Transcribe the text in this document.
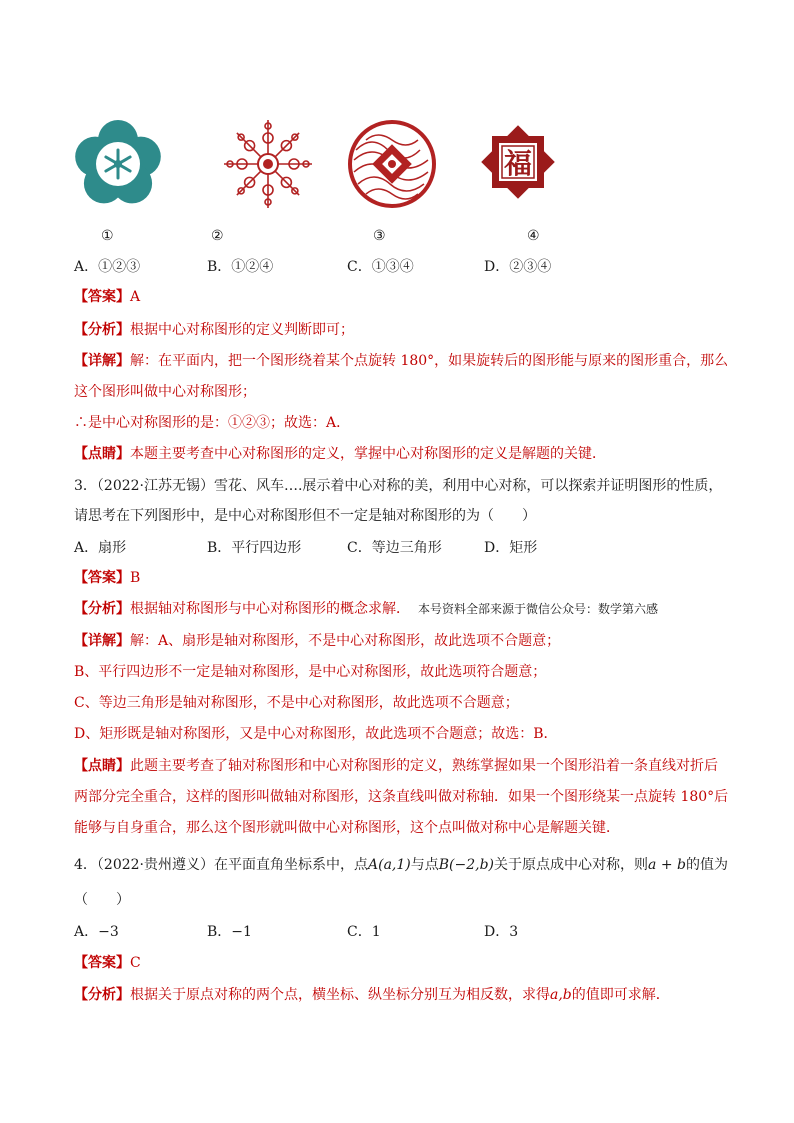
福
①	②	③	④
A．①②③	B．①②④	C．①③④	D．②③④
【答案】A
【分析】根据中心对称图形的定义判断即可；
【详解】解：在平面内，把一个图形绕着某个点旋转 180°，如果旋转后的图形能与原来的图形重合，那么
这个图形叫做中心对称图形；
∴是中心对称图形的是：①②③；故选：A．
【点睛】本题主要考查中心对称图形的定义，掌握中心对称图形的定义是解题的关键．
3．（2022·江苏无锡）雪花、风车….展示着中心对称的美，利用中心对称，可以探索并证明图形的性质，
请思考在下列图形中，是中心对称图形但不一定是轴对称图形的为（　　）
A．扇形	B．平行四边形	C．等边三角形	D．矩形
【答案】B
【分析】根据轴对称图形与中心对称图形的概念求解． 本号资料全部来源于微信公众号：数学第六感
【详解】解：A、扇形是轴对称图形，不是中心对称图形，故此选项不合题意；
B、平行四边形不一定是轴对称图形，是中心对称图形，故此选项符合题意；
C、等边三角形是轴对称图形，不是中心对称图形，故此选项不合题意；
D、矩形既是轴对称图形，又是中心对称图形，故此选项不合题意；故选：B．
【点睛】此题主要考查了轴对称图形和中心对称图形的定义，熟练掌握如果一个图形沿着一条直线对折后
两部分完全重合，这样的图形叫做轴对称图形，这条直线叫做对称轴．如果一个图形绕某一点旋转 180°后
能够与自身重合，那么这个图形就叫做中心对称图形，这个点叫做对称中心是解题关键．
4．（2022·贵州遵义）在平面直角坐标系中，点A(a,1)与点B(−2,b)关于原点成中心对称，则a + b的值为
（　　）
A．−3	B．−1	C．1	D．3
【答案】C
【分析】根据关于原点对称的两个点，横坐标、纵坐标分别互为相反数，求得a,b的值即可求解．
